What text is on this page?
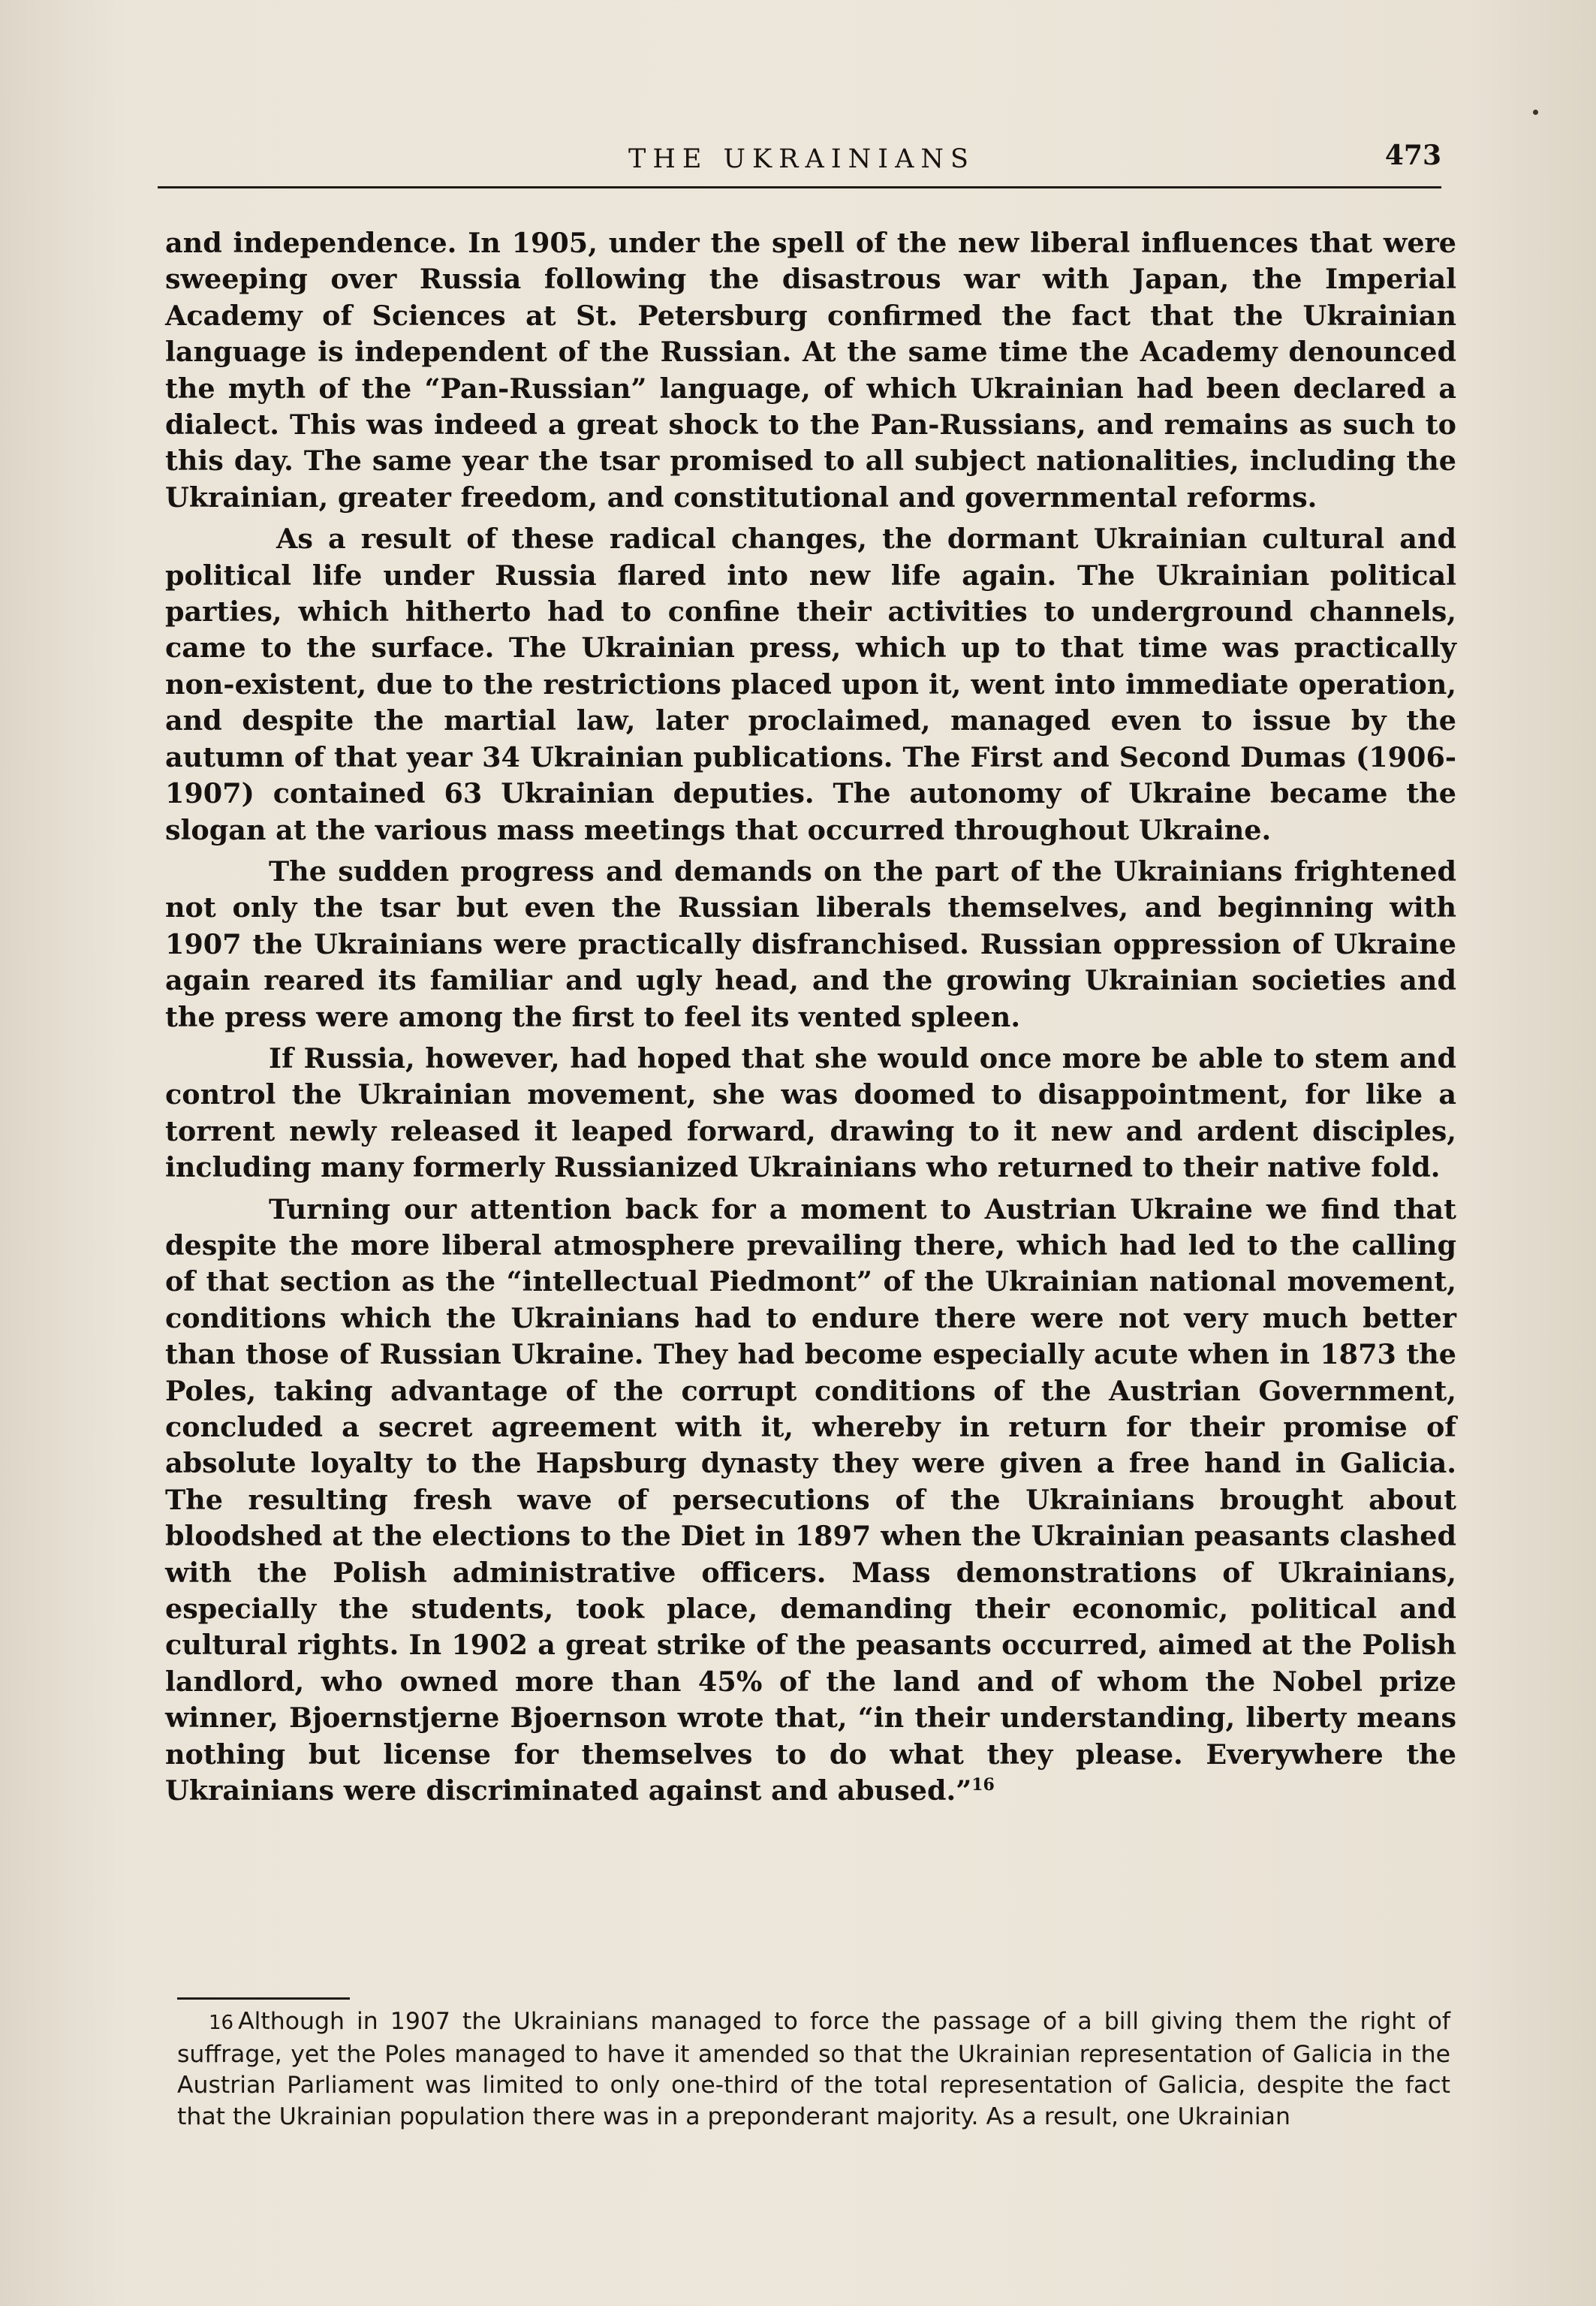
THE UKRAINIANS	473

and independence. In 1905, under the spell of the new liberal influences that were sweeping over Russia following the disastrous war with Japan, the Imperial Academy of Sciences at St. Petersburg confirmed the fact that the Ukrainian language is independent of the Russian. At the same time the Academy denounced the myth of the “Pan-Russian” language, of which Ukrainian had been declared a dialect. This was indeed a great shock to the Pan-Russians, and remains as such to this day. The same year the tsar promised to all subject nationalities, including the Ukrainian, greater freedom, and constitutional and governmental reforms.

As a result of these radical changes, the dormant Ukrainian cultural and political life under Russia flared into new life again. The Ukrainian political parties, which hitherto had to confine their activities to underground channels, came to the surface. The Ukrainian press, which up to that time was practically non-existent, due to the restrictions placed upon it, went into immediate operation, and despite the martial law, later proclaimed, managed even to issue by the autumn of that year 34 Ukrainian publications. The First and Second Dumas (1906-1907) contained 63 Ukrainian deputies. The autonomy of Ukraine became the slogan at the various mass meetings that occurred throughout Ukraine.

The sudden progress and demands on the part of the Ukrainians frightened not only the tsar but even the Russian liberals themselves, and beginning with 1907 the Ukrainians were practically disfranchised. Russian oppression of Ukraine again reared its familiar and ugly head, and the growing Ukrainian societies and the press were among the first to feel its vented spleen.

If Russia, however, had hoped that she would once more be able to stem and control the Ukrainian movement, she was doomed to disappointment, for like a torrent newly released it leaped forward, drawing to it new and ardent disciples, including many formerly Russianized Ukrainians who returned to their native fold.

Turning our attention back for a moment to Austrian Ukraine we find that despite the more liberal atmosphere prevailing there, which had led to the calling of that section as the “intellectual Piedmont” of the Ukrainian national movement, conditions which the Ukrainians had to endure there were not very much better than those of Russian Ukraine. They had become especially acute when in 1873 the Poles, taking advantage of the corrupt conditions of the Austrian Government, concluded a secret agreement with it, whereby in return for their promise of absolute loyalty to the Hapsburg dynasty they were given a free hand in Galicia. The resulting fresh wave of persecutions of the Ukrainians brought about bloodshed at the elections to the Diet in 1897 when the Ukrainian peasants clashed with the Polish administrative officers. Mass demonstrations of Ukrainians, especially the students, took place, demanding their economic, political and cultural rights. In 1902 a great strike of the peasants occurred, aimed at the Polish landlord, who owned more than 45% of the land and of whom the Nobel prize winner, Bjoernstjerne Bjoernson wrote that, “in their understanding, liberty means nothing but license for themselves to do what they please. Everywhere the Ukrainians were discriminated against and abused.”$^{16}$

16 Although in 1907 the Ukrainians managed to force the passage of a bill giving them the right of suffrage, yet the Poles managed to have it amended so that the Ukrainian representation of Galicia in the Austrian Parliament was limited to only one-third of the total representation of Galicia, despite the fact that the Ukrainian population there was in a preponderant majority. As a result, one Ukrainian
